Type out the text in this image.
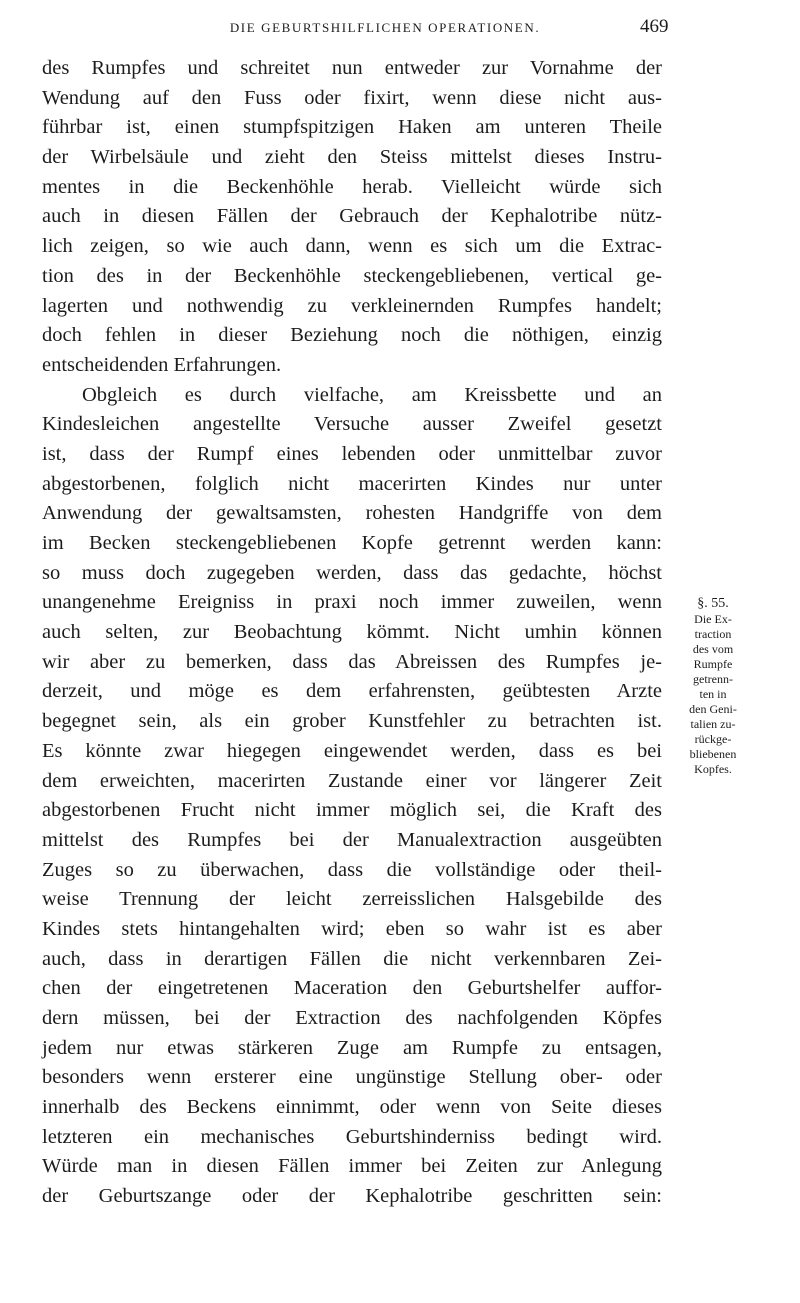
DIE GEBURTSHILFLICHEN OPERATIONEN.	469
des Rumpfes und schreitet nun entweder zur Vornahme der
Wendung auf den Fuss oder fixirt, wenn diese nicht aus-
führbar ist, einen stumpfspitzigen Haken am unteren Theile
der Wirbelsäule und zieht den Steiss mittelst dieses Instru-
mentes in die Beckenhöhle herab. Vielleicht würde sich
auch in diesen Fällen der Gebrauch der Kephalotribe nütz-
lich zeigen, so wie auch dann, wenn es sich um die Extrac-
tion des in der Beckenhöhle steckengebliebenen, vertical ge-
lagerten und nothwendig zu verkleinernden Rumpfes handelt;
doch fehlen in dieser Beziehung noch die nöthigen, einzig
entscheidenden Erfahrungen.
Obgleich es durch vielfache, am Kreissbette und an
Kindesleichen angestellte Versuche ausser Zweifel gesetzt
ist, dass der Rumpf eines lebenden oder unmittelbar zuvor
abgestorbenen, folglich nicht macerirten Kindes nur unter
Anwendung der gewaltsamsten, rohesten Handgriffe von dem
im Becken steckengebliebenen Kopfe getrennt werden kann:
so muss doch zugegeben werden, dass das gedachte, höchst
unangenehme Ereigniss in praxi noch immer zuweilen, wenn
auch selten, zur Beobachtung kömmt. Nicht umhin können
wir aber zu bemerken, dass das Abreissen des Rumpfes je-
derzeit, und möge es dem erfahrensten, geübtesten Arzte
begegnet sein, als ein grober Kunstfehler zu betrachten ist.
Es könnte zwar hiegegen eingewendet werden, dass es bei
dem erweichten, macerirten Zustande einer vor längerer Zeit
abgestorbenen Frucht nicht immer möglich sei, die Kraft des
mittelst des Rumpfes bei der Manualextraction ausgeübten
Zuges so zu überwachen, dass die vollständige oder theil-
weise Trennung der leicht zerreisslichen Halsgebilde des
Kindes stets hintangehalten wird; eben so wahr ist es aber
auch, dass in derartigen Fällen die nicht verkennbaren Zei-
chen der eingetretenen Maceration den Geburtshelfer auffor-
dern müssen, bei der Extraction des nachfolgenden Köpfes
jedem nur etwas stärkeren Zuge am Rumpfe zu entsagen,
besonders wenn ersterer eine ungünstige Stellung ober- oder
innerhalb des Beckens einnimmt, oder wenn von Seite dieses
letzteren ein mechanisches Geburtshinderniss bedingt wird.
Würde man in diesen Fällen immer bei Zeiten zur Anlegung
der Geburtszange oder der Kephalotribe geschritten sein:
§. 55.
Die Ex-
traction
des vom
Rumpfe
getrenn-
ten in
den Geni-
talien zu-
rückge-
bliebenen
Kopfes.
